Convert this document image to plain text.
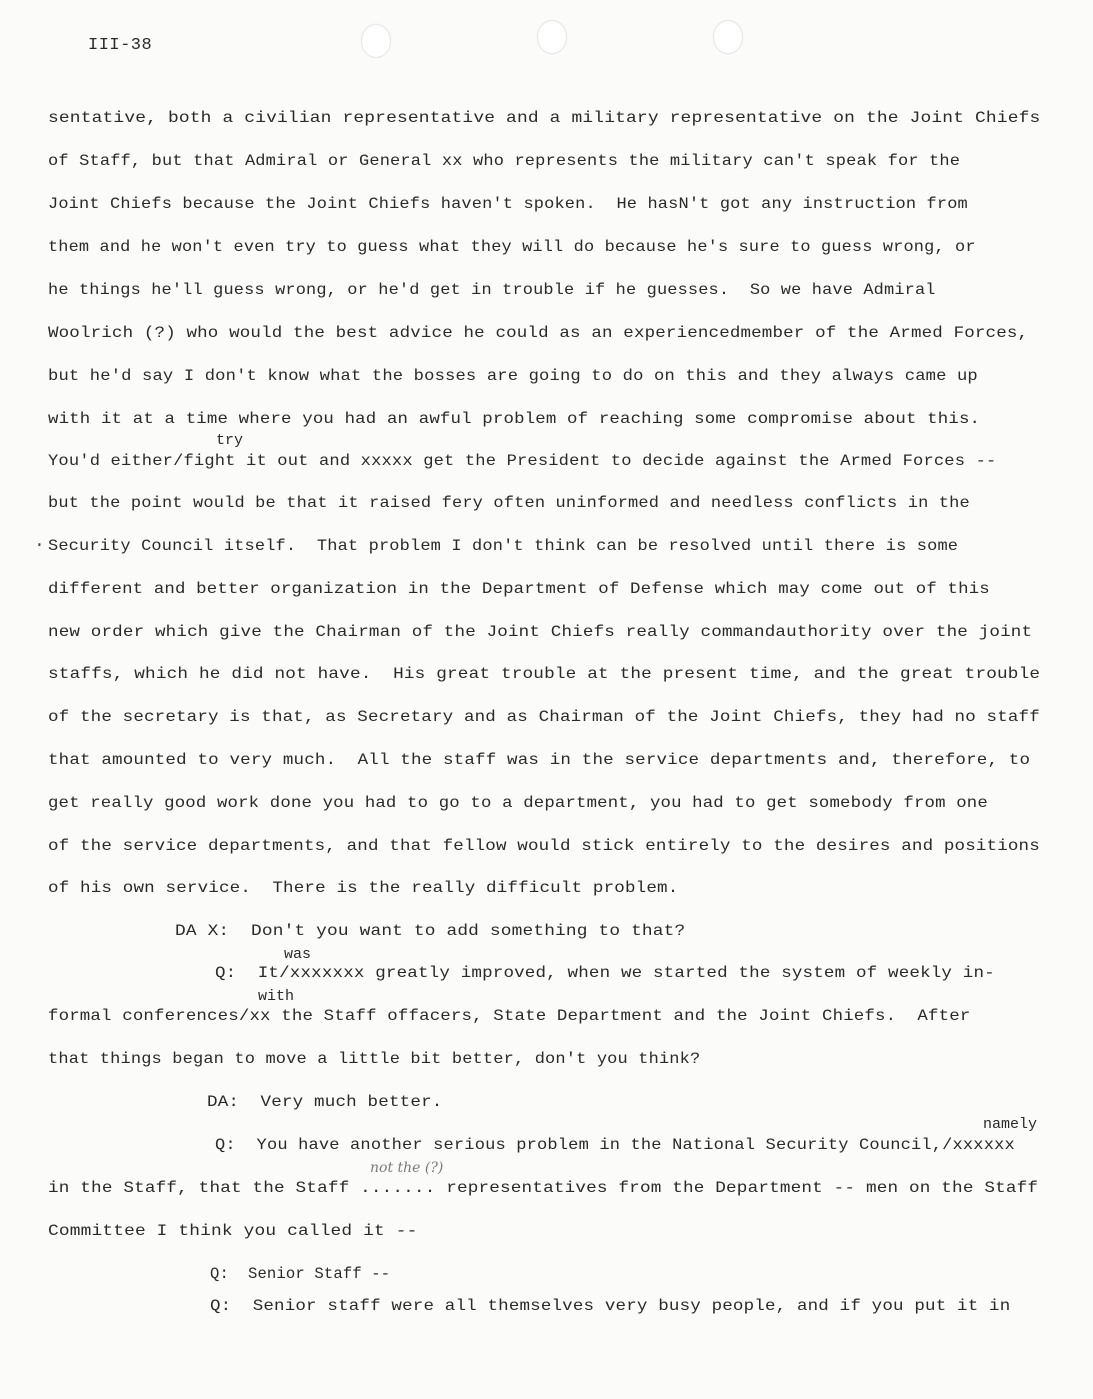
III-38
sentative, both a civilian representative and a military representative on the Joint Chiefs
of Staff, but that Admiral or General xx who represents the military can't speak for the
Joint Chiefs because the Joint Chiefs haven't spoken.  He hasN't got any instruction from
them and he won't even try to guess what they will do because he's sure to guess wrong, or
he things he'll guess wrong, or he'd get in trouble if he guesses.  So we have Admiral
Woolrich (?) who would the best advice he could as an experiencedmember of the Armed Forces,
but he'd say I don't know what the bosses are going to do on this and they always came up
with it at a time where you had an awful problem of reaching some compromise about this.
You'd either/fight it out and xxxxx get the President to decide against the Armed Forces --
but the point would be that it raised fery often uninformed and needless conflicts in the
Security Council itself.  That problem I don't think can be resolved until there is some
different and better organization in the Department of Defense which may come out of this
new order which give the Chairman of the Joint Chiefs really commandauthority over the joint
staffs, which he did not have.  His great trouble at the present time, and the great trouble
of the secretary is that, as Secretary and as Chairman of the Joint Chiefs, they had no staff
that amounted to very much.  All the staff was in the service departments and, therefore, to
get really good work done you had to go to a department, you had to get somebody from one
of the service departments, and that fellow would stick entirely to the desires and positions
of his own service.  There is the really difficult problem.
DA X:  Don't you want to add something to that?
Q:  It/xxxxxxx greatly improved, when we started the system of weekly in-
formal conferences/xx the Staff offacers, State Department and the Joint Chiefs.  After
that things began to move a little bit better, don't you think?
DA:  Very much better.
Q:  You have another serious problem in the National Security Council,/xxxxxx
in the Staff, that the Staff ....... representatives from the Department -- men on the Staff
Committee I think you called it --
Q:  Senior Staff --
Q:  Senior staff were all themselves very busy people, and if you put it in
try
was
with
namely
not the (?)
·
